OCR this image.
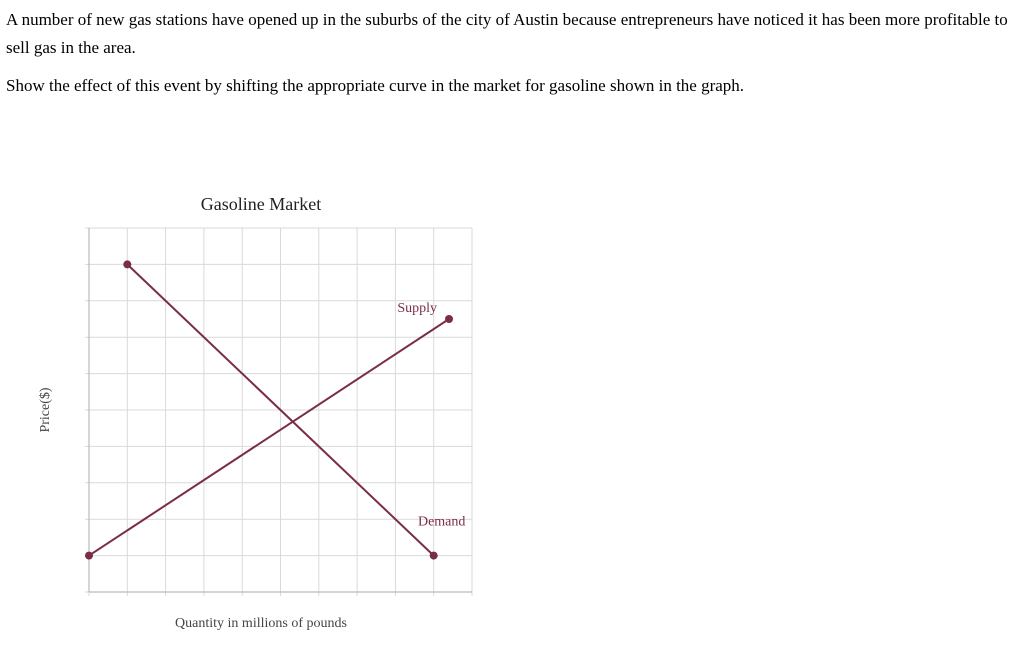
A number of new gas stations have opened up in the suburbs of the city of Austin because entrepreneurs have noticed it has been more profitable to sell gas in the area.

Show the effect of this event by shifting the appropriate curve in the market for gasoline shown in the graph.

Supply
Demand
Gasoline Market
Quantity in millions of pounds
Price($)
